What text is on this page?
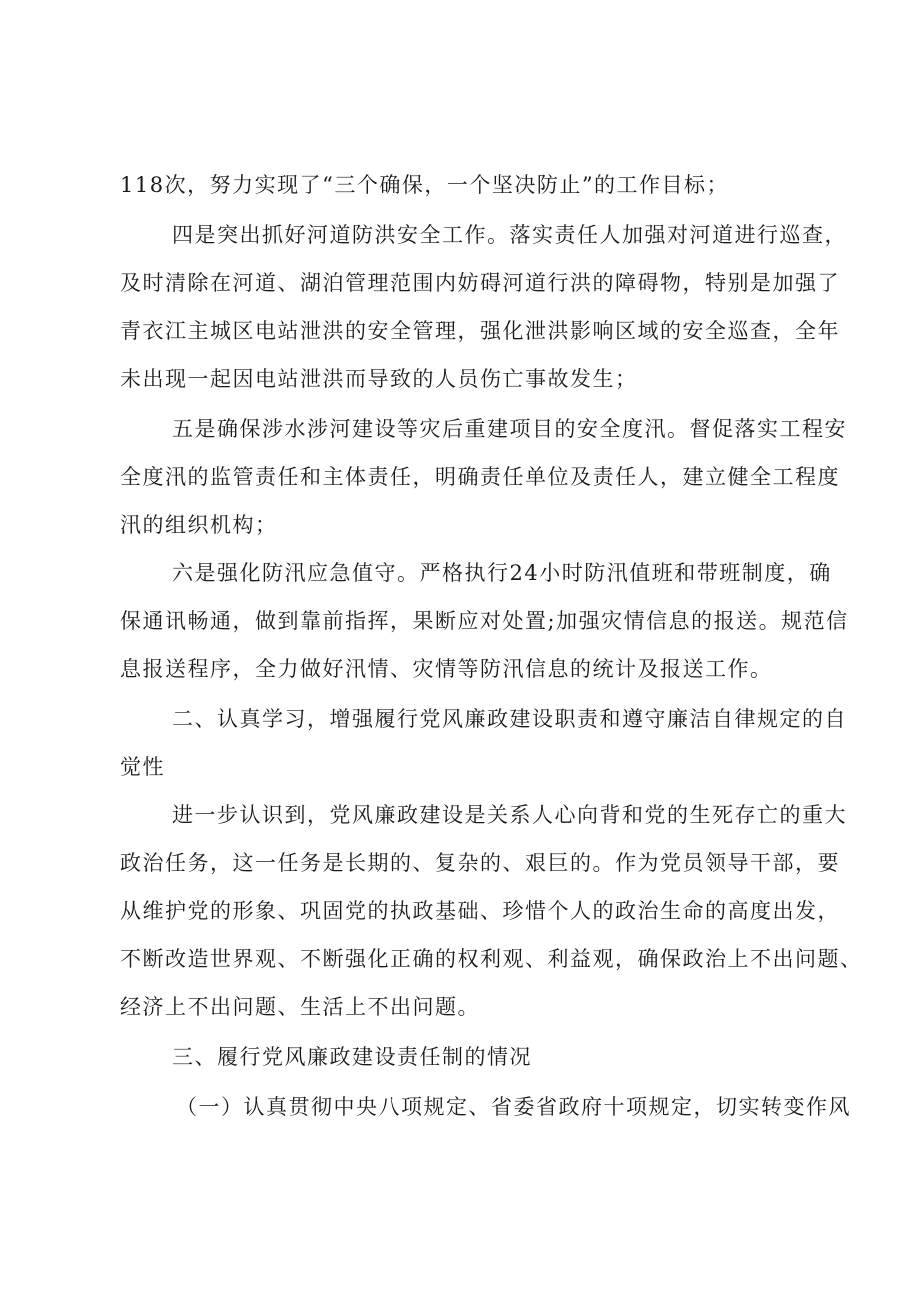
118次，努力实现了“三个确保，一个坚决防止”的工作目标；

四是突出抓好河道防洪安全工作。落实责任人加强对河道进行巡查，

及时清除在河道、湖泊管理范围内妨碍河道行洪的障碍物，特别是加强了

青衣江主城区电站泄洪的安全管理，强化泄洪影响区域的安全巡查，全年

未出现一起因电站泄洪而导致的人员伤亡事故发生；

五是确保涉水涉河建设等灾后重建项目的安全度汛。督促落实工程安

全度汛的监管责任和主体责任，明确责任单位及责任人，建立健全工程度

汛的组织机构；

六是强化防汛应急值守。严格执行24小时防汛值班和带班制度，确

保通讯畅通，做到靠前指挥，果断应对处置;加强灾情信息的报送。规范信

息报送程序，全力做好汛情、灾情等防汛信息的统计及报送工作。

二、认真学习，增强履行党风廉政建设职责和遵守廉洁自律规定的自

觉性

进一步认识到，党风廉政建设是关系人心向背和党的生死存亡的重大

政治任务，这一任务是长期的、复杂的、艰巨的。作为党员领导干部，要

从维护党的形象、巩固党的执政基础、珍惜个人的政治生命的高度出发，

不断改造世界观、不断强化正确的权利观、利益观，确保政治上不出问题、

经济上不出问题、生活上不出问题。

三、履行党风廉政建设责任制的情况

（一）认真贯彻中央八项规定、省委省政府十项规定，切实转变作风
